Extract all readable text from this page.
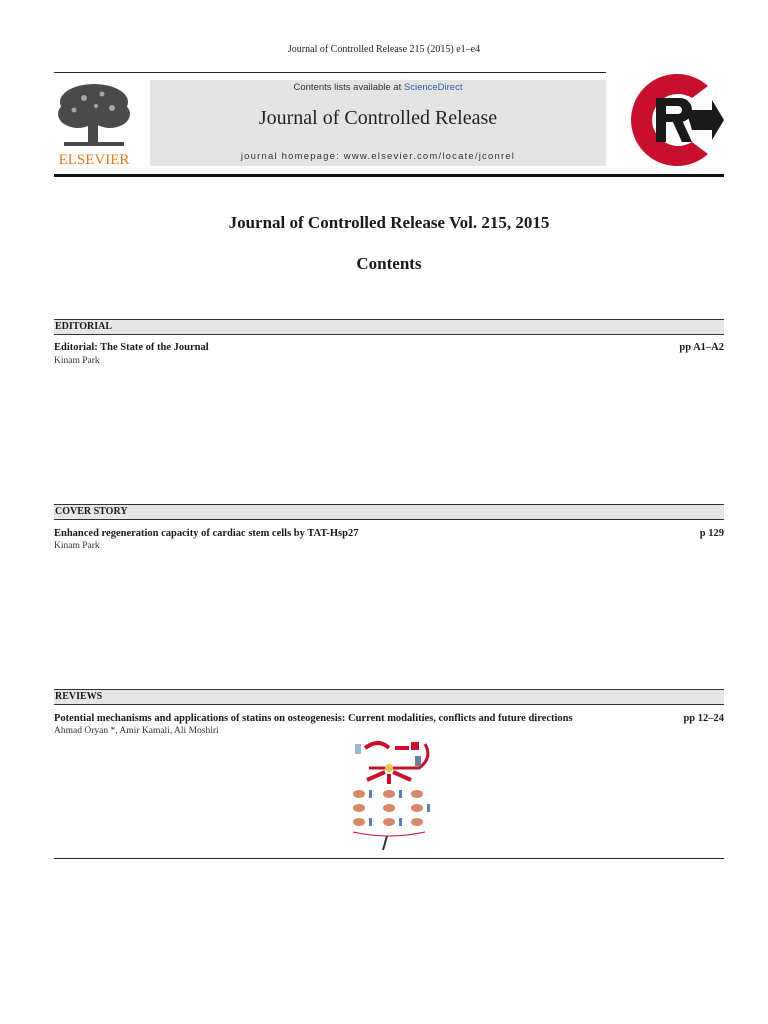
Journal of Controlled Release 215 (2015) e1–e4
ELSEVIER
Contents lists available at ScienceDirect
Journal of Controlled Release
journal homepage: www.elsevier.com/locate/jconrel
Journal of Controlled Release Vol. 215, 2015
Contents
EDITORIAL
Editorial: The State of the Journal	pp A1–A2
Kinam Park
COVER STORY
Enhanced regeneration capacity of cardiac stem cells by TAT-Hsp27	p 129
Kinam Park
REVIEWS
Potential mechanisms and applications of statins on osteogenesis: Current modalities, conflicts and future directions	pp 12–24
Ahmad Oryan *, Amir Kamali, Ali Moshiri
